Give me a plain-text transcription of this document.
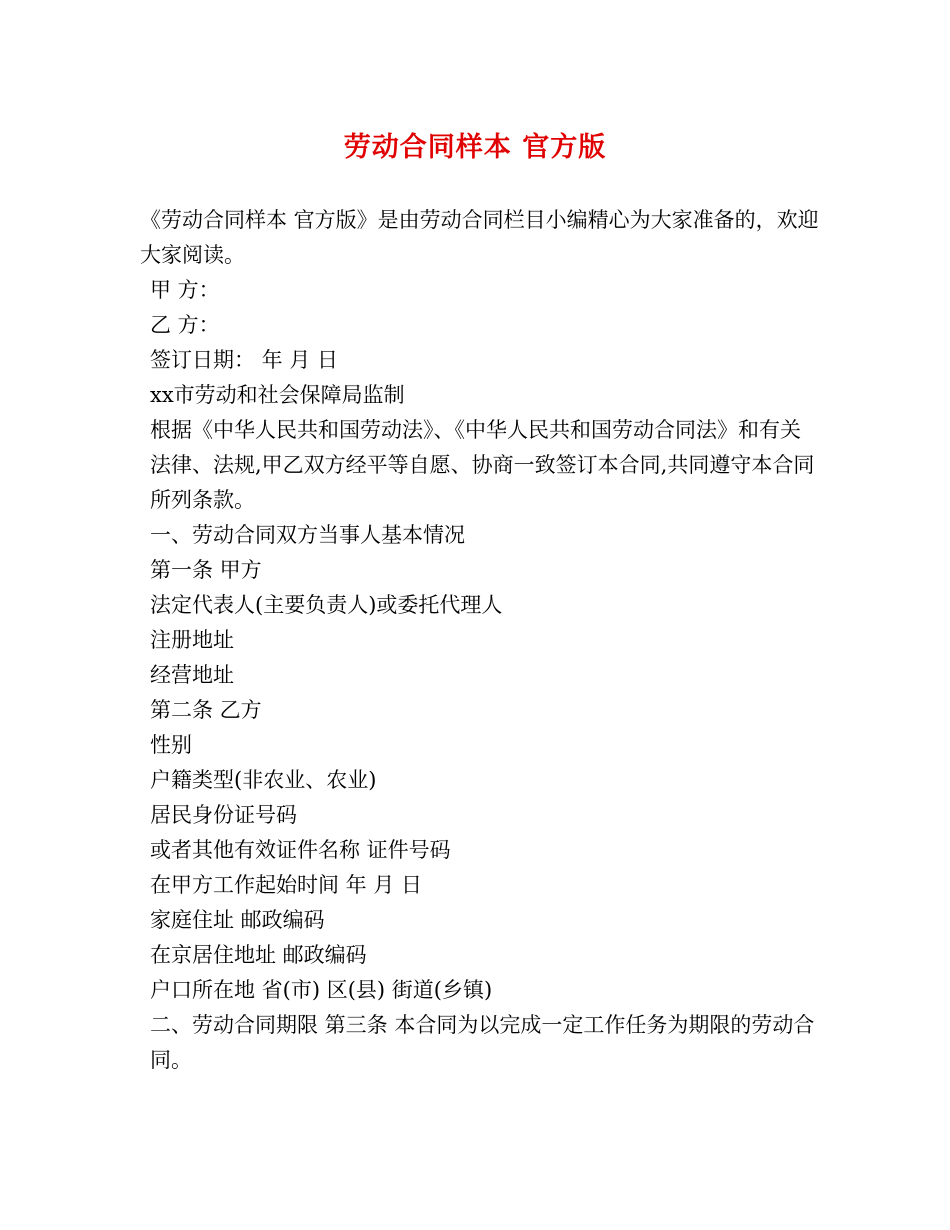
劳动合同样本 官方版

《劳动合同样本 官方版》是由劳动合同栏目小编精心为大家准备的，欢迎大家阅读。

甲 方：

乙 方：

签订日期： 年 月 日

xx市劳动和社会保障局监制

根据《中华人民共和国劳动法》、《中华人民共和国劳动合同法》和有关法律、法规,甲乙双方经平等自愿、协商一致签订本合同,共同遵守本合同所列条款。

一、劳动合同双方当事人基本情况

第一条 甲方

法定代表人(主要负责人)或委托代理人

注册地址

经营地址

第二条 乙方

性别

户籍类型(非农业、农业)

居民身份证号码

或者其他有效证件名称 证件号码

在甲方工作起始时间 年 月 日

家庭住址 邮政编码

在京居住地址 邮政编码

户口所在地 省(市) 区(县) 街道(乡镇)

二、劳动合同期限 第三条 本合同为以完成一定工作任务为期限的劳动合同。
